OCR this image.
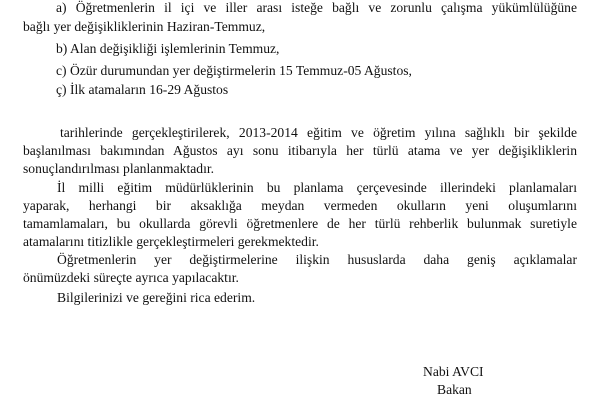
a) Öğretmenlerin il içi ve iller arası isteğe bağlı ve zorunlu çalışma yükümlülüğüne
bağlı yer değişikliklerinin Haziran-Temmuz,
b) Alan değişikliği işlemlerinin Temmuz,
c) Özür durumundan yer değiştirmelerin 15 Temmuz-05 Ağustos,
ç) İlk atamaların 16-29 Ağustos
tarihlerinde gerçekleştirilerek, 2013-2014 eğitim ve öğretim yılına sağlıklı bir şekilde
başlanılması bakımından Ağustos ayı sonu itibarıyla her türlü atama ve yer değişikliklerin
sonuçlandırılması planlanmaktadır.
İl milli eğitim müdürlüklerinin bu planlama çerçevesinde illerindeki planlamaları
yaparak, herhangi bir aksaklığa meydan vermeden okulların yeni oluşumlarını
tamamlamaları, bu okullarda görevli öğretmenlere de her türlü rehberlik bulunmak suretiyle
atamalarını titizlikle gerçekleştirmeleri gerekmektedir.
Öğretmenlerin yer değiştirmelerine ilişkin hususlarda daha geniş açıklamalar
önümüzdeki süreçte ayrıca yapılacaktır.
Bilgilerinizi ve gereğini rica ederim.
Nabi AVCI
Bakan
